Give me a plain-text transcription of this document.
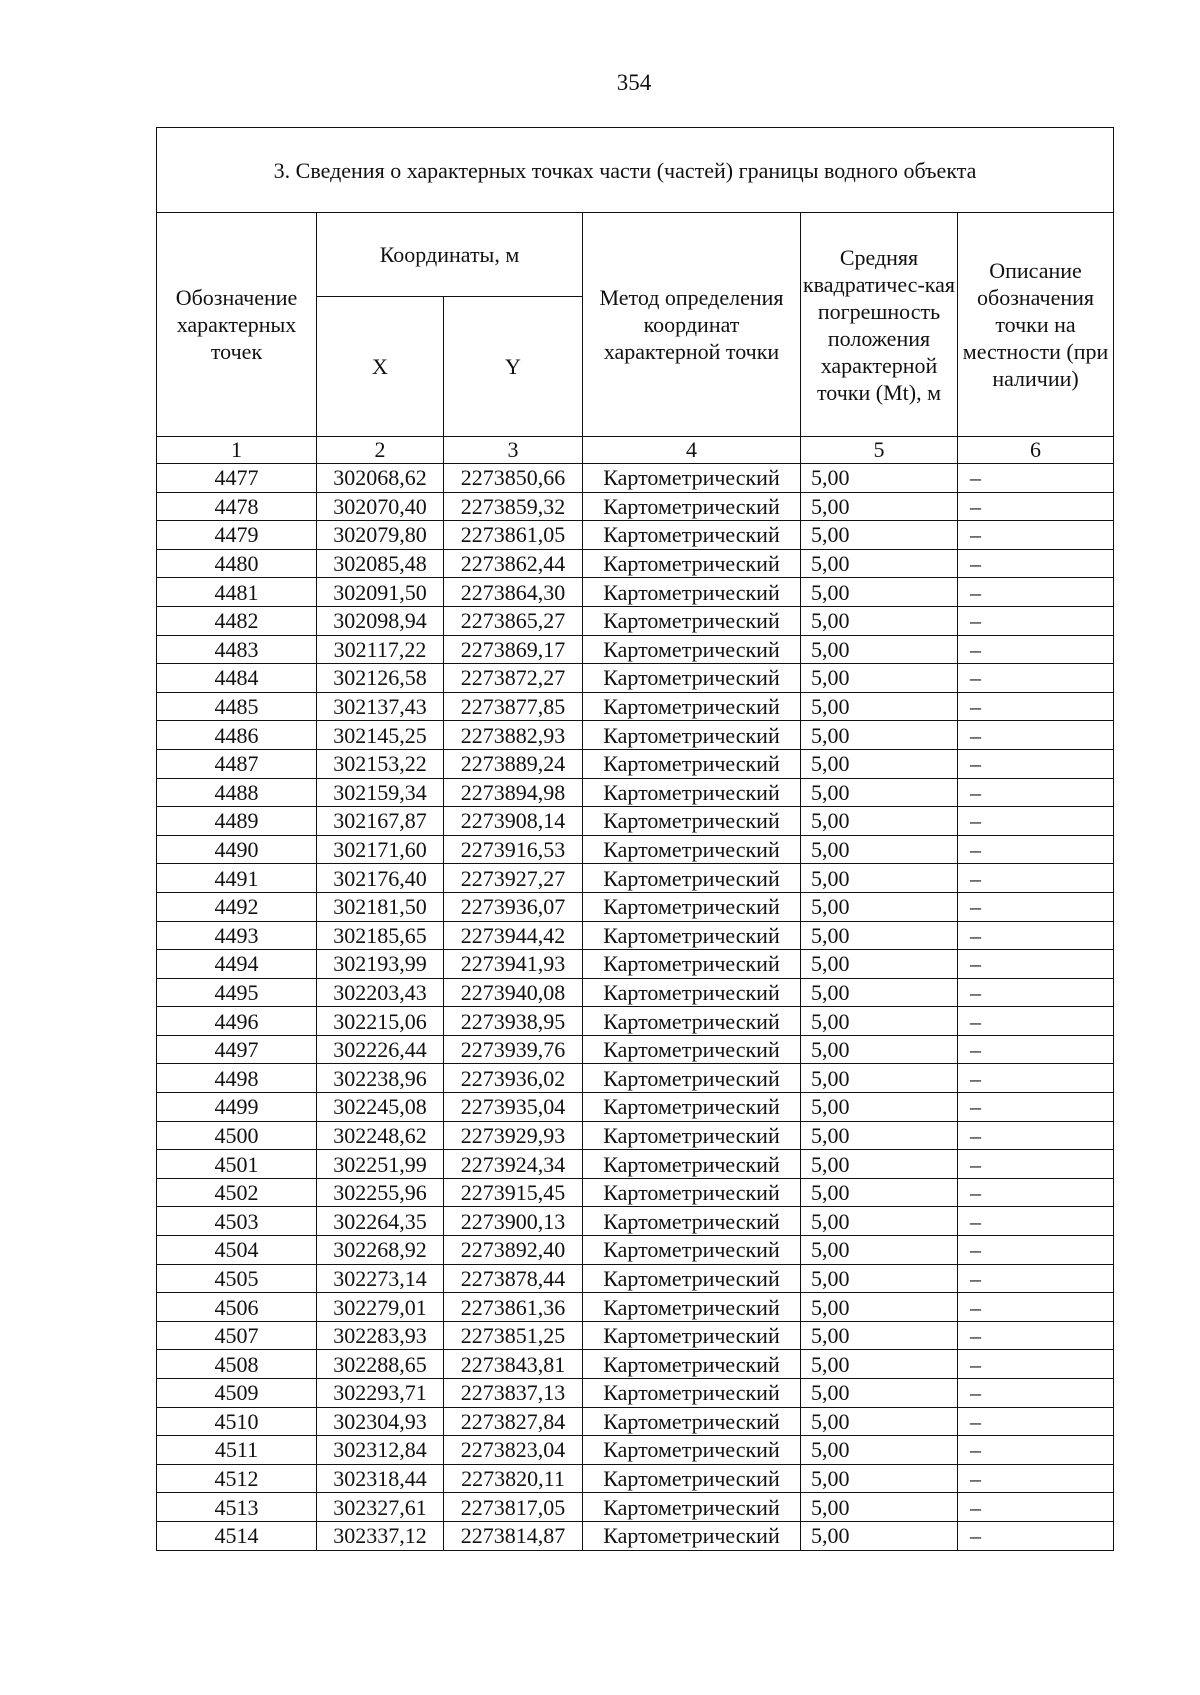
354
3. Сведения о характерных точках части (частей) границы водного объекта					
Обозначение характерных точек	Координаты, м		Метод определения координат характерной точки	Средняя квадратичес-кая погрешность положения характерной точки (Mt), м	Описание обозначения точки на местности (при наличии)
	X	Y			
1	2	3	4	5	6
4477	302068,62	2273850,66	Картометрический	5,00	–
4478	302070,40	2273859,32	Картометрический	5,00	–
4479	302079,80	2273861,05	Картометрический	5,00	–
4480	302085,48	2273862,44	Картометрический	5,00	–
4481	302091,50	2273864,30	Картометрический	5,00	–
4482	302098,94	2273865,27	Картометрический	5,00	–
4483	302117,22	2273869,17	Картометрический	5,00	–
4484	302126,58	2273872,27	Картометрический	5,00	–
4485	302137,43	2273877,85	Картометрический	5,00	–
4486	302145,25	2273882,93	Картометрический	5,00	–
4487	302153,22	2273889,24	Картометрический	5,00	–
4488	302159,34	2273894,98	Картометрический	5,00	–
4489	302167,87	2273908,14	Картометрический	5,00	–
4490	302171,60	2273916,53	Картометрический	5,00	–
4491	302176,40	2273927,27	Картометрический	5,00	–
4492	302181,50	2273936,07	Картометрический	5,00	–
4493	302185,65	2273944,42	Картометрический	5,00	–
4494	302193,99	2273941,93	Картометрический	5,00	–
4495	302203,43	2273940,08	Картометрический	5,00	–
4496	302215,06	2273938,95	Картометрический	5,00	–
4497	302226,44	2273939,76	Картометрический	5,00	–
4498	302238,96	2273936,02	Картометрический	5,00	–
4499	302245,08	2273935,04	Картометрический	5,00	–
4500	302248,62	2273929,93	Картометрический	5,00	–
4501	302251,99	2273924,34	Картометрический	5,00	–
4502	302255,96	2273915,45	Картометрический	5,00	–
4503	302264,35	2273900,13	Картометрический	5,00	–
4504	302268,92	2273892,40	Картометрический	5,00	–
4505	302273,14	2273878,44	Картометрический	5,00	–
4506	302279,01	2273861,36	Картометрический	5,00	–
4507	302283,93	2273851,25	Картометрический	5,00	–
4508	302288,65	2273843,81	Картометрический	5,00	–
4509	302293,71	2273837,13	Картометрический	5,00	–
4510	302304,93	2273827,84	Картометрический	5,00	–
4511	302312,84	2273823,04	Картометрический	5,00	–
4512	302318,44	2273820,11	Картометрический	5,00	–
4513	302327,61	2273817,05	Картометрический	5,00	–
4514	302337,12	2273814,87	Картометрический	5,00	–
